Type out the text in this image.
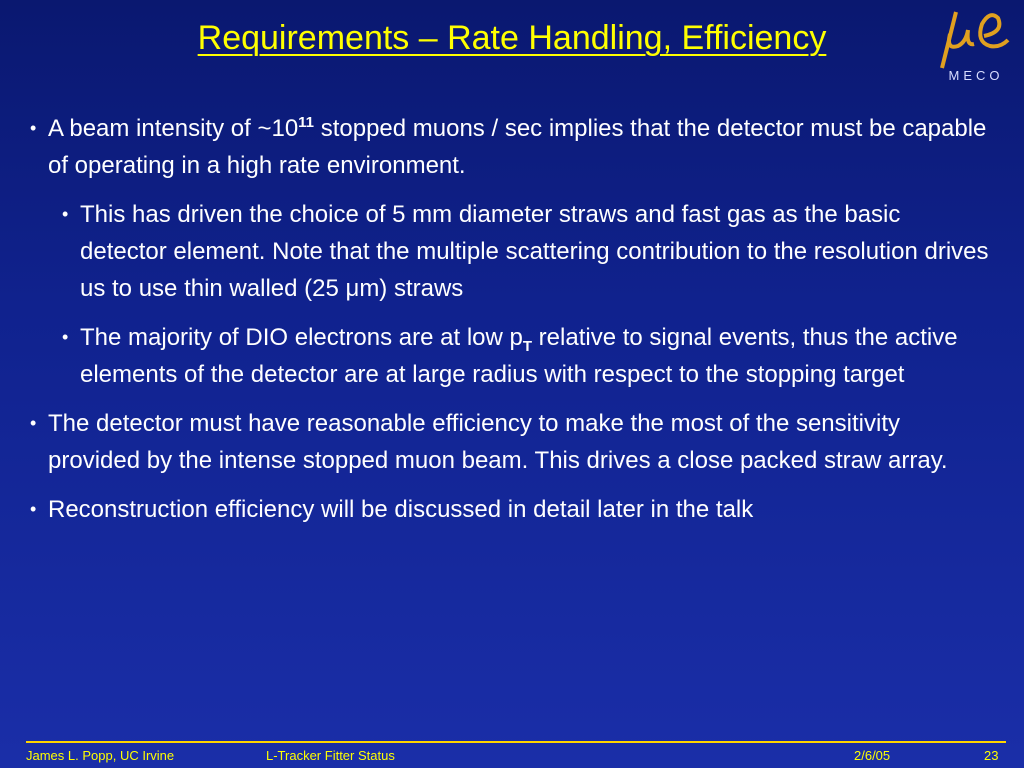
Requirements – Rate Handling, Efficiency
MECO
• A beam intensity of $\sim 10^{11}$ stopped muons / sec implies that the detector must be capable of operating in a high rate environment.
• This has driven the choice of 5 mm diameter straws and fast gas as the basic detector element. Note that the multiple scattering contribution to the resolution drives us to use thin walled (25 μm) straws
• The majority of DIO electrons are at low $p_T$ relative to signal events, thus the active elements of the detector are at large radius with respect to the stopping target
• The detector must have reasonable efficiency to make the most of the sensitivity provided by the intense stopped muon beam. This drives a close packed straw array.
• Reconstruction efficiency will be discussed in detail later in the talk
James L. Popp, UC Irvine	L-Tracker Fitter Status	2/6/05	23
